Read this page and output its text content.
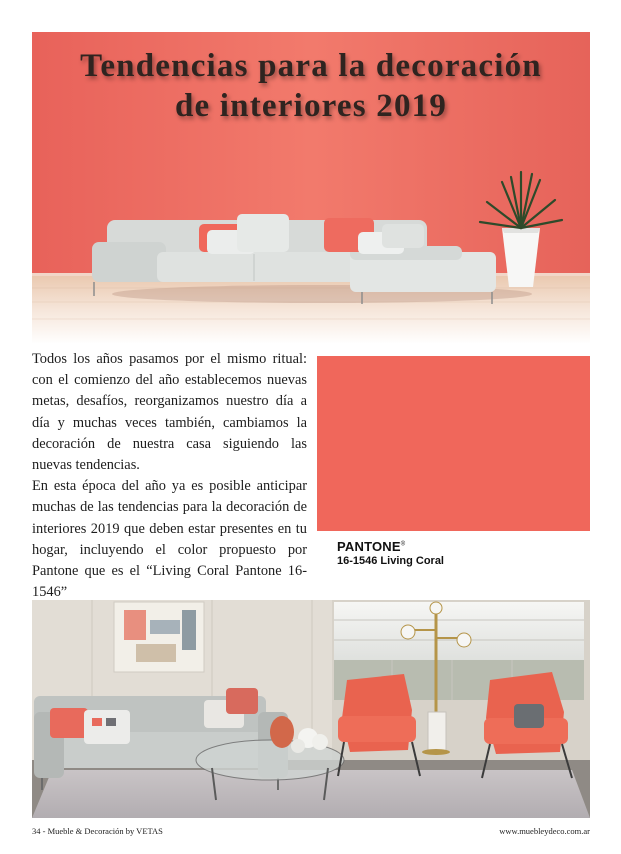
Tendencias para la decoración
de interiores 2019

Todos los años pasamos por el mismo ritual: con el comienzo del año establecemos nuevas metas, desafíos, reorganizamos nuestro día a día y muchas veces también, cambiamos la decoración de nuestra casa siguiendo las nuevas tendencias.

En esta época del año ya es posible anticipar muchas de las tendencias para la decoración de interiores 2019 que deben estar presentes en tu hogar, incluyendo el color propuesto por Pantone que es el “Living Coral Pantone 16-1546”

PANTONE®
16-1546 Living Coral
34 - Mueble & Decoración by VETAS	www.muebleydeco.com.ar
